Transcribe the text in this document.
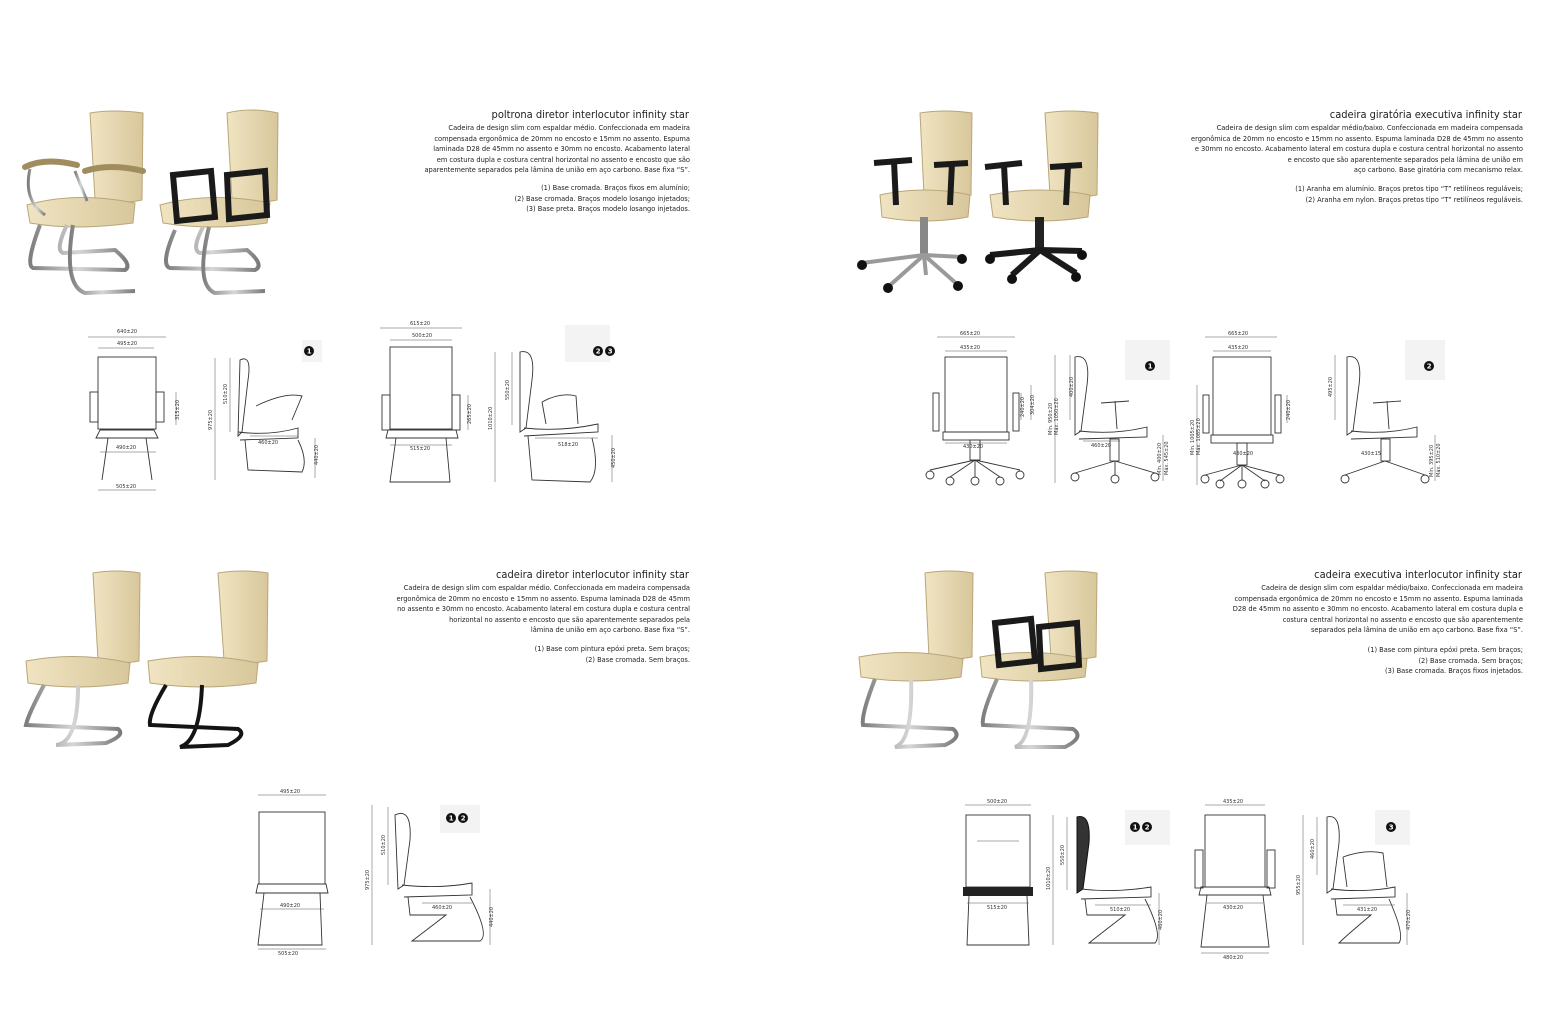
poltrona diretor interlocutor infinity star
Cadeira de design slim com espaldar médio. Confeccionada em madeira
compensada ergonômica de 20mm no encosto e 15mm no assento. Espuma
laminada D28 de 45mm no assento e 30mm no encosto. Acabamento lateral
em costura dupla e costura central horizontal no assento e encosto que são
aparentemente separados pela lâmina de união em aço carbono. Base fixa “S”.
(1) Base cromada. Braços fixos em alumínio;
(2) Base cromada. Braços modelo losango injetados;
(3) Base preta. Braços modelo losango injetados.
cadeira giratória executiva infinity star
Cadeira de design slim com espaldar médio/baixo. Confeccionada em madeira compensada
ergonômica de 20mm no encosto e 15mm no assento. Espuma laminada D28 de 45mm no assento
e 30mm no encosto. Acabamento lateral em costura dupla e costura central horizontal no assento
e encosto que são aparentemente separados pela lâmina de união em
aço carbono. Base giratória com mecanismo relax.
(1) Aranha em alumínio. Braços pretos tipo “T” retilíneos reguláveis;
(2) Aranha em nylon. Braços pretos tipo “T” retilíneos reguláveis.
cadeira diretor interlocutor infinity star
Cadeira de design slim com espaldar médio. Confeccionada em madeira compensada
ergonômica de 20mm no encosto e 15mm no assento. Espuma laminada D28 de 45mm
no assento e 30mm no encosto. Acabamento lateral em costura dupla e costura central
horizontal no assento e encosto que são aparentemente separados pela
lâmina de união em aço carbono. Base fixa “S”.
(1) Base com pintura epóxi preta. Sem braços;
(2) Base cromada. Sem braços.
cadeira executiva interlocutor infinity star
Cadeira de design slim com espaldar médio/baixo. Confeccionada em madeira
compensada ergonômica de 20mm no encosto e 15mm no assento. Espuma laminada
D28 de 45mm no assento e 30mm no encosto. Acabamento lateral em costura dupla e
costura central horizontal no assento e encosto que são aparentemente
separados pela lâmina de união em aço carbono. Base fixa “S”.
(1) Base com pintura epóxi preta. Sem braços;
(2) Base cromada. Sem braços;
(3) Base cromada. Braços fixos injetados.
640±20
495±20
315±20
490±20
505±20
975±20
510±20
460±20
440±20
1
615±20
500±20
265±20
515±20
1010±20
550±20
518±20
450±20
2 3
665±20
435±20
240±20 304±20
430±20
Mín. 950±20 Máx. 1050±20
400±20
460±20	Mín. 400±20 Máx. 545±20
1
665±20
435±20
240±20
Mín. 1005±20 Máx. 1085±20	430±20
495±20
430±15	Mín. 395±20 Máx. 510±20
2
495±20
490±20
505±20
975±20
510±20
460±20	440±20
1 2
500±20
515±20
1010±20
550±20
510±20	460±20
1 2
435±20
430±20
480±20
955±20
460±20
431±20	470±20
3
